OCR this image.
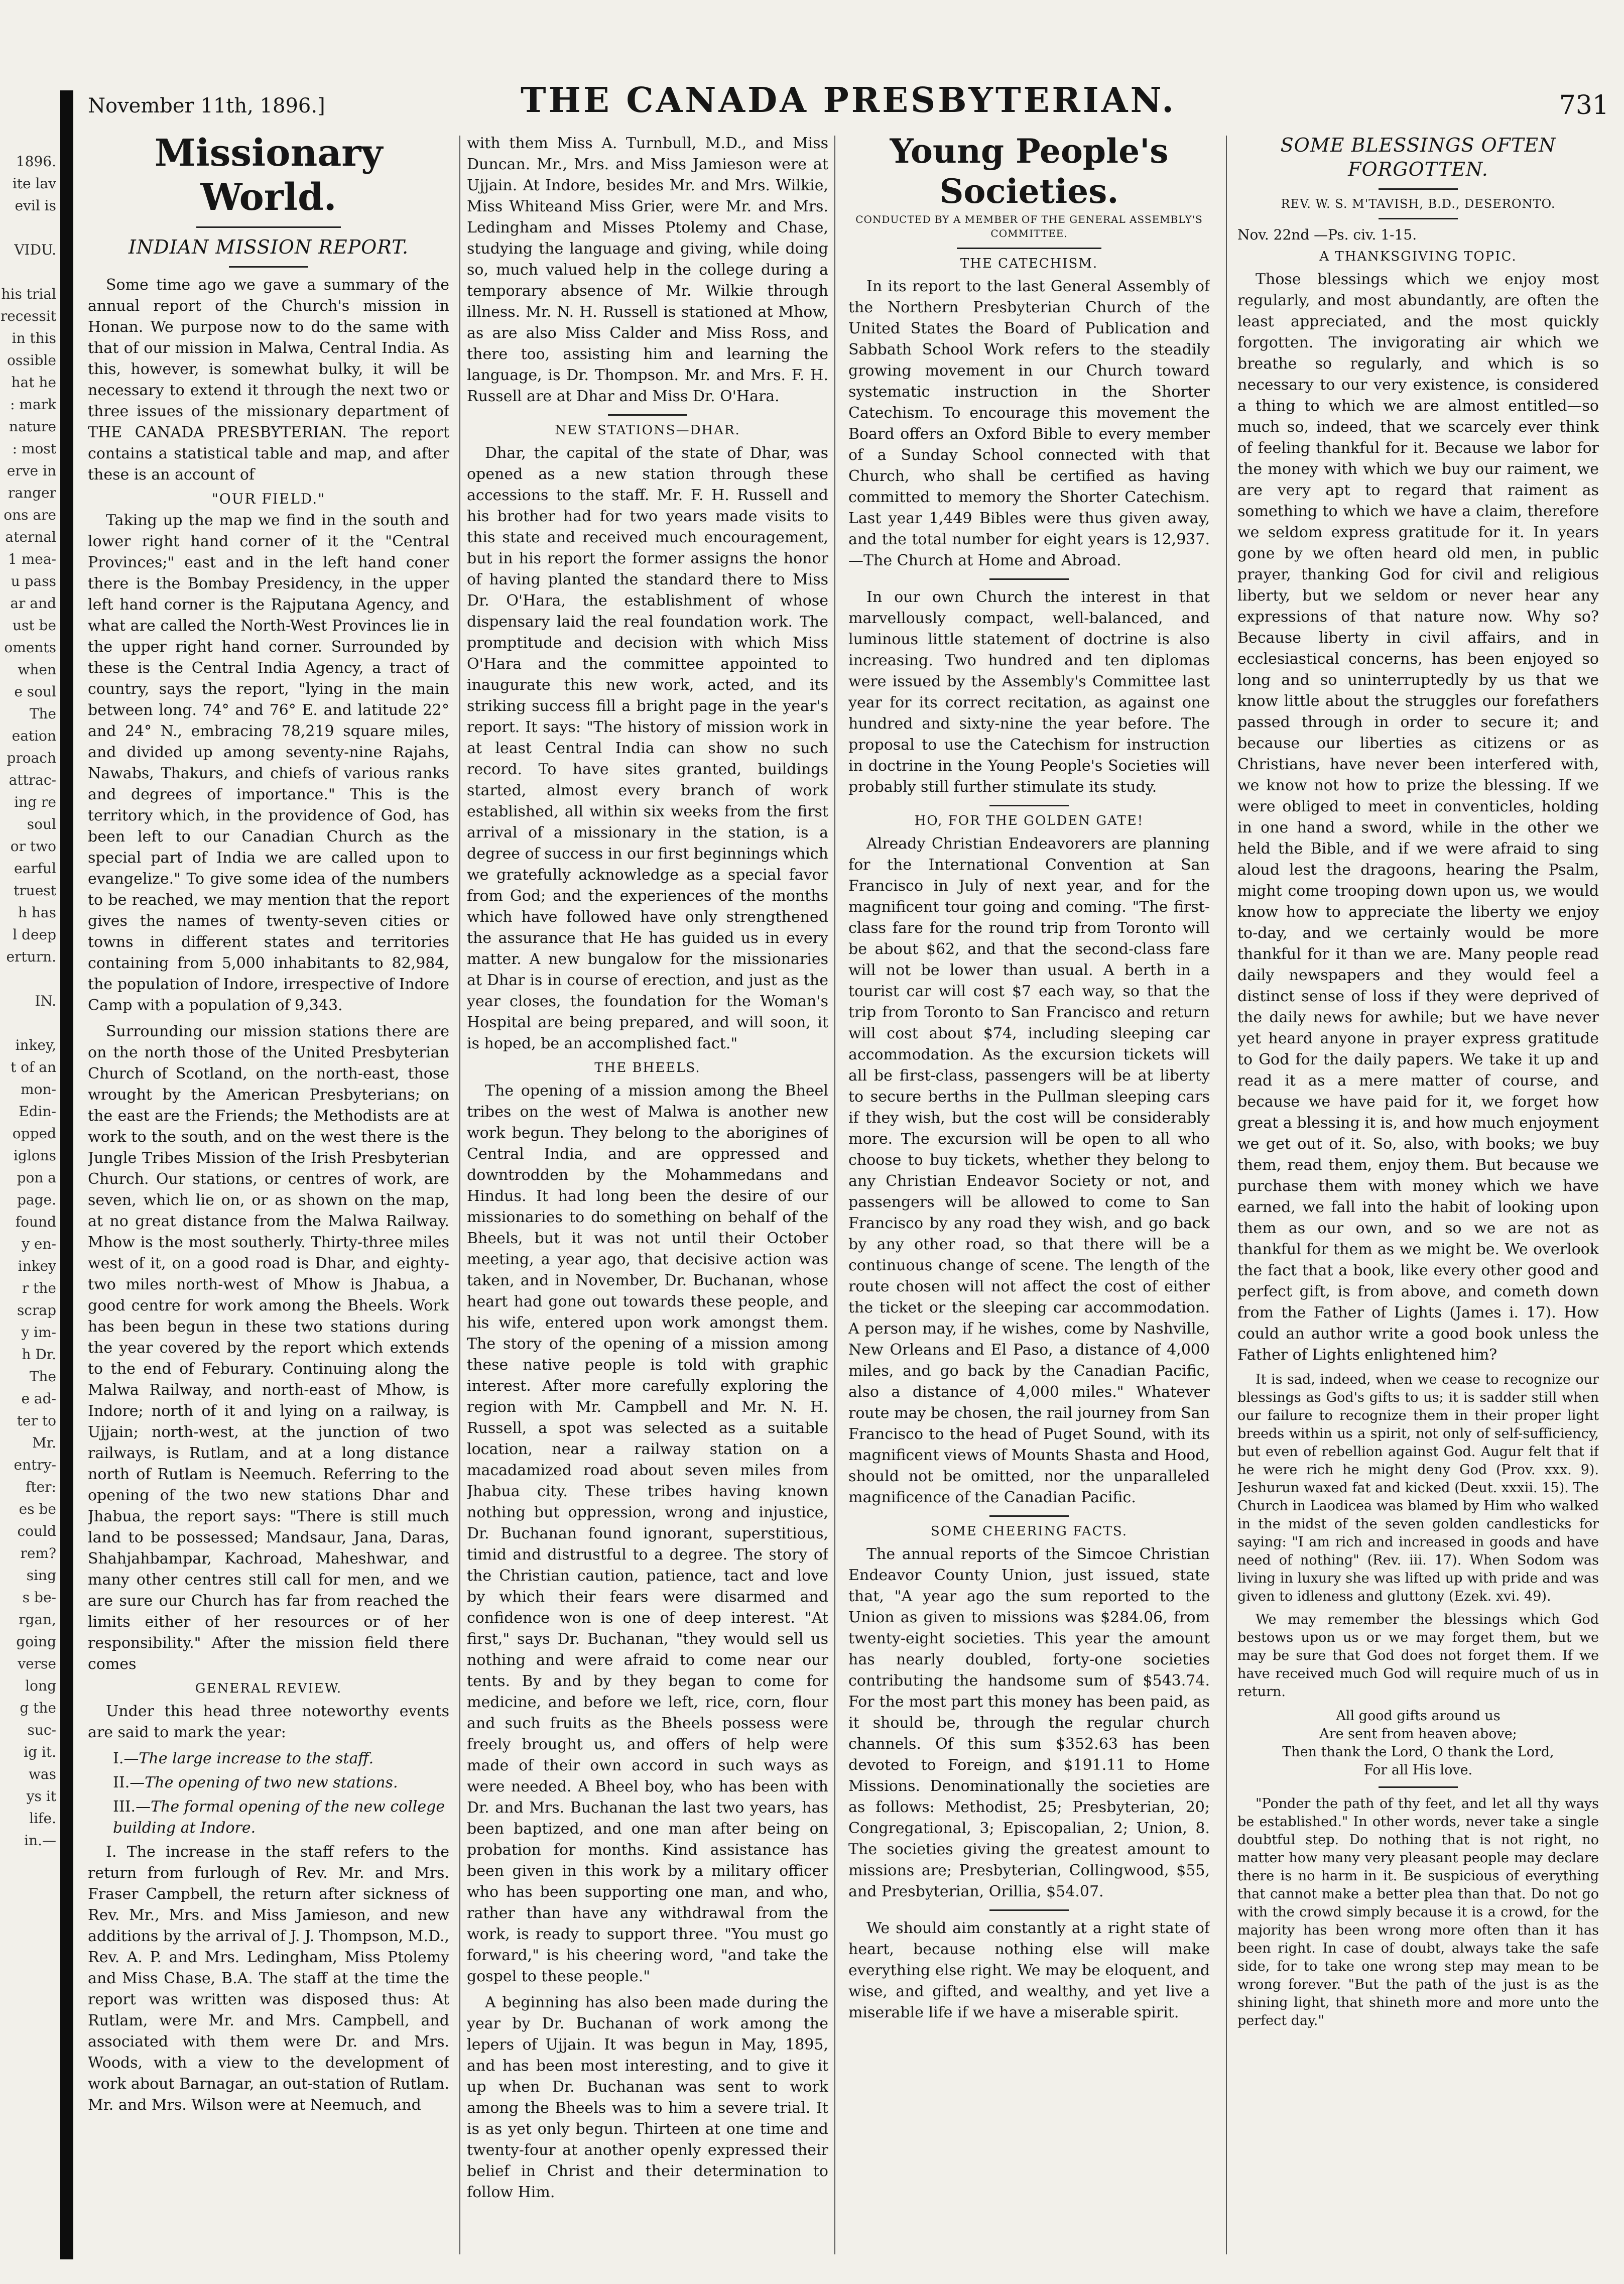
1896.
ite lav
evil is

VIDU.

his trial
recessit
in this
ossible
hat he
: mark
nature
: most
erve in
ranger
ons are
aternal
1 mea-
u pass
ar and
ust be
oments
when
e soul
The
eation
proach
attrac-
ing re
soul
or two
earful
truest
h has
l deep
erturn.

IN.

inkey,
t of an
mon-
Edin-
opped
iglons
pon a
page.
found
y en-
inkey
r the
scrap
y im-
h Dr.
The
e ad-
ter to
Mr.
entry-
fter:
es be
could
rem?
sing
s be-
rgan,
going
verse
long
g the
suc-
ig it.
was
ys it
life.
in.—
November 11th, 1896.]	THE CANADA PRESBYTERIAN.	731
Missionary World.
INDIAN MISSION REPORT.

Some time ago we gave a summary of the annual report of the Church's mission in Honan. We purpose now to do the same with that of our mission in Malwa, Central India. As this, however, is somewhat bulky, it will be necessary to extend it through the next two or three issues of the missionary department of THE CANADA PRESBYTERIAN. The report contains a statistical table and map, and after these is an account of

"OUR FIELD."

Taking up the map we find in the south and lower right hand corner of it the "Central Provinces;" east and in the left hand coner there is the Bombay Presidency, in the upper left hand corner is the Rajputana Agency, and what are called the North-West Provinces lie in the upper right hand corner. Surrounded by these is the Central India Agency, a tract of country, says the report, "lying in the main between long. 74° and 76° E. and latitude 22° and 24° N., embracing 78,219 square miles, and divided up among seventy-nine Rajahs, Nawabs, Thakurs, and chiefs of various ranks and degrees of importance." This is the territory which, in the providence of God, has been left to our Canadian Church as the special part of India we are called upon to evangelize." To give some idea of the numbers to be reached, we may mention that the report gives the names of twenty-seven cities or towns in different states and territories containing from 5,000 inhabitants to 82,984, the population of Indore, irrespective of Indore Camp with a population of 9,343.

Surrounding our mission stations there are on the north those of the United Presbyterian Church of Scotland, on the north-east, those wrought by the American Presbyterians; on the east are the Friends; the Methodists are at work to the south, and on the west there is the Jungle Tribes Mission of the Irish Presbyterian Church. Our stations, or centres of work, are seven, which lie on, or as shown on the map, at no great distance from the Malwa Railway. Mhow is the most southerly. Thirty-three miles west of it, on a good road is Dhar, and eighty-two miles north-west of Mhow is Jhabua, a good centre for work among the Bheels. Work has been begun in these two stations during the year covered by the report which extends to the end of Feburary. Continuing along the Malwa Railway, and north-east of Mhow, is Indore; north of it and lying on a railway, is Ujjain; north-west, at the junction of two railways, is Rutlam, and at a long distance north of Rutlam is Neemuch. Referring to the opening of the two new stations Dhar and Jhabua, the report says: "There is still much land to be possessed; Mandsaur, Jana, Daras, Shahjahbampar, Kachroad, Maheshwar, and many other centres still call for men, and we are sure our Church has far from reached the limits either of her resources or of her responsibility." After the mission field there comes

GENERAL REVIEW.

Under this head three noteworthy events are said to mark the year:

I.—The large increase to the staff.
II.—The opening of two new stations.
III.—The formal opening of the new college building at Indore.

I. The increase in the staff refers to the return from furlough of Rev. Mr. and Mrs. Fraser Campbell, the return after sickness of Rev. Mr., Mrs. and Miss Jamieson, and new additions by the arrival of J. J. Thompson, M.D., Rev. A. P. and Mrs. Ledingham, Miss Ptolemy and Miss Chase, B.A. The staff at the time the report was written was disposed thus: At Rutlam, were Mr. and Mrs. Campbell, and associated with them were Dr. and Mrs. Woods, with a view to the development of work about Barnagar, an out-station of Rutlam. Mr. and Mrs. Wilson were at Neemuch, and

with them Miss A. Turnbull, M.D., and Miss Duncan. Mr., Mrs. and Miss Jamieson were at Ujjain. At Indore, besides Mr. and Mrs. Wilkie, Miss Whiteand Miss Grier, were Mr. and Mrs. Ledingham and Misses Ptolemy and Chase, studying the language and giving, while doing so, much valued help in the college during a temporary absence of Mr. Wilkie through illness. Mr. N. H. Russell is stationed at Mhow, as are also Miss Calder and Miss Ross, and there too, assisting him and learning the language, is Dr. Thompson. Mr. and Mrs. F. H. Russell are at Dhar and Miss Dr. O'Hara.

NEW STATIONS—DHAR.

Dhar, the capital of the state of Dhar, was opened as a new station through these accessions to the staff. Mr. F. H. Russell and his brother had for two years made visits to this state and received much encouragement, but in his report the former assigns the honor of having planted the standard there to Miss Dr. O'Hara, the establishment of whose dispensary laid the real foundation work. The promptitude and decision with which Miss O'Hara and the committee appointed to inaugurate this new work, acted, and its striking success fill a bright page in the year's report. It says: "The history of mission work in at least Central India can show no such record. To have sites granted, buildings started, almost every branch of work established, all within six weeks from the first arrival of a missionary in the station, is a degree of success in our first beginnings which we gratefully acknowledge as a special favor from God; and the experiences of the months which have followed have only strengthened the assurance that He has guided us in every matter. A new bungalow for the missionaries at Dhar is in course of erection, and just as the year closes, the foundation for the Woman's Hospital are being prepared, and will soon, it is hoped, be an accomplished fact."

THE BHEELS.

The opening of a mission among the Bheel tribes on the west of Malwa is another new work begun. They belong to the aborigines of Central India, and are oppressed and downtrodden by the Mohammedans and Hindus. It had long been the desire of our missionaries to do something on behalf of the Bheels, but it was not until their October meeting, a year ago, that decisive action was taken, and in November, Dr. Buchanan, whose heart had gone out towards these people, and his wife, entered upon work amongst them. The story of the opening of a mission among these native people is told with graphic interest. After more carefully exploring the region with Mr. Campbell and Mr. N. H. Russell, a spot was selected as a suitable location, near a railway station on a macadamized road about seven miles from Jhabua city. These tribes having known nothing but oppression, wrong and injustice, Dr. Buchanan found ignorant, superstitious, timid and distrustful to a degree. The story of the Christian caution, patience, tact and love by which their fears were disarmed and confidence won is one of deep interest. "At first," says Dr. Buchanan, "they would sell us nothing and were afraid to come near our tents. By and by they began to come for medicine, and before we left, rice, corn, flour and such fruits as the Bheels possess were freely brought us, and offers of help were made of their own accord in such ways as were needed. A Bheel boy, who has been with Dr. and Mrs. Buchanan the last two years, has been baptized, and one man after being on probation for months. Kind assistance has been given in this work by a military officer who has been supporting one man, and who, rather than have any withdrawal from the work, is ready to support three. "You must go forward," is his cheering word, "and take the gospel to these people."

A beginning has also been made during the year by Dr. Buchanan of work among the lepers of Ujjain. It was begun in May, 1895, and has been most interesting, and to give it up when Dr. Buchanan was sent to work among the Bheels was to him a severe trial. It is as yet only begun. Thirteen at one time and twenty-four at another openly expressed their belief in Christ and their determination to follow Him.

Young People's Societies.
CONDUCTED BY A MEMBER OF THE GENERAL ASSEMBLY'S COMMITTEE.
THE CATECHISM.

In its report to the last General Assembly of the Northern Presbyterian Church of the United States the Board of Publication and Sabbath School Work refers to the steadily growing movement in our Church toward systematic instruction in the Shorter Catechism. To encourage this movement the Board offers an Oxford Bible to every member of a Sunday School connected with that Church, who shall be certified as having committed to memory the Shorter Catechism. Last year 1,449 Bibles were thus given away, and the total number for eight years is 12,937.—The Church at Home and Abroad.

In our own Church the interest in that marvellously compact, well-balanced, and luminous little statement of doctrine is also increasing. Two hundred and ten diplomas were issued by the Assembly's Committee last year for its correct recitation, as against one hundred and sixty-nine the year before. The proposal to use the Catechism for instruction in doctrine in the Young People's Societies will probably still further stimulate its study.

HO, FOR THE GOLDEN GATE!

Already Christian Endeavorers are planning for the International Convention at San Francisco in July of next year, and for the magnificent tour going and coming. "The first-class fare for the round trip from Toronto will be about $62, and that the second-class fare will not be lower than usual. A berth in a tourist car will cost $7 each way, so that the trip from Toronto to San Francisco and return will cost about $74, including sleeping car accommodation. As the excursion tickets will all be first-class, passengers will be at liberty to secure berths in the Pullman sleeping cars if they wish, but the cost will be considerably more. The excursion will be open to all who choose to buy tickets, whether they belong to any Christian Endeavor Society or not, and passengers will be allowed to come to San Francisco by any road they wish, and go back by any other road, so that there will be a continuous change of scene. The length of the route chosen will not affect the cost of either the ticket or the sleeping car accommodation. A person may, if he wishes, come by Nashville, New Orleans and El Paso, a distance of 4,000 miles, and go back by the Canadian Pacific, also a distance of 4,000 miles." Whatever route may be chosen, the rail journey from San Francisco to the head of Puget Sound, with its magnificent views of Mounts Shasta and Hood, should not be omitted, nor the unparalleled magnificence of the Canadian Pacific.

SOME CHEERING FACTS.

The annual reports of the Simcoe Christian Endeavor County Union, just issued, state that, "A year ago the sum reported to the Union as given to missions was $284.06, from twenty-eight societies. This year the amount has nearly doubled, forty-one societies contributing the handsome sum of $543.74. For the most part this money has been paid, as it should be, through the regular church channels. Of this sum $352.63 has been devoted to Foreign, and $191.11 to Home Missions. Denominationally the societies are as follows: Methodist, 25; Presbyterian, 20; Congregational, 3; Episcopalian, 2; Union, 8. The societies giving the greatest amount to missions are; Presbyterian, Collingwood, $55, and Presbyterian, Orillia, $54.07.

We should aim constantly at a right state of heart, because nothing else will make everything else right. We may be eloquent, and wise, and gifted, and wealthy, and yet live a miserable life if we have a miserable spirit.

SOME BLESSINGS OFTEN FORGOTTEN.
REV. W. S. M'TAVISH, B.D., DESERONTO.
Nov. 22nd —Ps. civ. 1-15.
A THANKSGIVING TOPIC.

Those blessings which we enjoy most regularly, and most abundantly, are often the least appreciated, and the most quickly forgotten. The invigorating air which we breathe so regularly, and which is so necessary to our very existence, is considered a thing to which we are almost entitled—so much so, indeed, that we scarcely ever think of feeling thankful for it. Because we labor for the money with which we buy our raiment, we are very apt to regard that raiment as something to which we have a claim, therefore we seldom express gratitude for it. In years gone by we often heard old men, in public prayer, thanking God for civil and religious liberty, but we seldom or never hear any expressions of that nature now. Why so? Because liberty in civil affairs, and in ecclesiastical concerns, has been enjoyed so long and so uninterruptedly by us that we know little about the struggles our forefathers passed through in order to secure it; and because our liberties as citizens or as Christians, have never been interfered with, we know not how to prize the blessing. If we were obliged to meet in conventicles, holding in one hand a sword, while in the other we held the Bible, and if we were afraid to sing aloud lest the dragoons, hearing the Psalm, might come trooping down upon us, we would know how to appreciate the liberty we enjoy to-day, and we certainly would be more thankful for it than we are. Many people read daily newspapers and they would feel a distinct sense of loss if they were deprived of the daily news for awhile; but we have never yet heard anyone in prayer express gratitude to God for the daily papers. We take it up and read it as a mere matter of course, and because we have paid for it, we forget how great a blessing it is, and how much enjoyment we get out of it. So, also, with books; we buy them, read them, enjoy them. But because we purchase them with money which we have earned, we fall into the habit of looking upon them as our own, and so we are not as thankful for them as we might be. We overlook the fact that a book, like every other good and perfect gift, is from above, and cometh down from the Father of Lights (James i. 17). How could an author write a good book unless the Father of Lights enlightened him?

It is sad, indeed, when we cease to recognize our blessings as God's gifts to us; it is sadder still when our failure to recognize them in their proper light breeds within us a spirit, not only of self-sufficiency, but even of rebellion against God. Augur felt that if he were rich he might deny God (Prov. xxx. 9). Jeshurun waxed fat and kicked (Deut. xxxii. 15). The Church in Laodicea was blamed by Him who walked in the midst of the seven golden candlesticks for saying: "I am rich and increased in goods and have need of nothing" (Rev. iii. 17). When Sodom was living in luxury she was lifted up with pride and was given to idleness and gluttony (Ezek. xvi. 49).

We may remember the blessings which God bestows upon us or we may forget them, but we may be sure that God does not forget them. If we have received much God will require much of us in return.

All good gifts around us
Are sent from heaven above;
Then thank the Lord, O thank the Lord,
For all His love.

"Ponder the path of thy feet, and let all thy ways be established." In other words, never take a single doubtful step. Do nothing that is not right, no matter how many very pleasant people may declare there is no harm in it. Be suspicious of everything that cannot make a better plea than that. Do not go with the crowd simply because it is a crowd, for the majority has been wrong more often than it has been right. In case of doubt, always take the safe side, for to take one wrong step may mean to be wrong forever. "But the path of the just is as the shining light, that shineth more and more unto the perfect day."
